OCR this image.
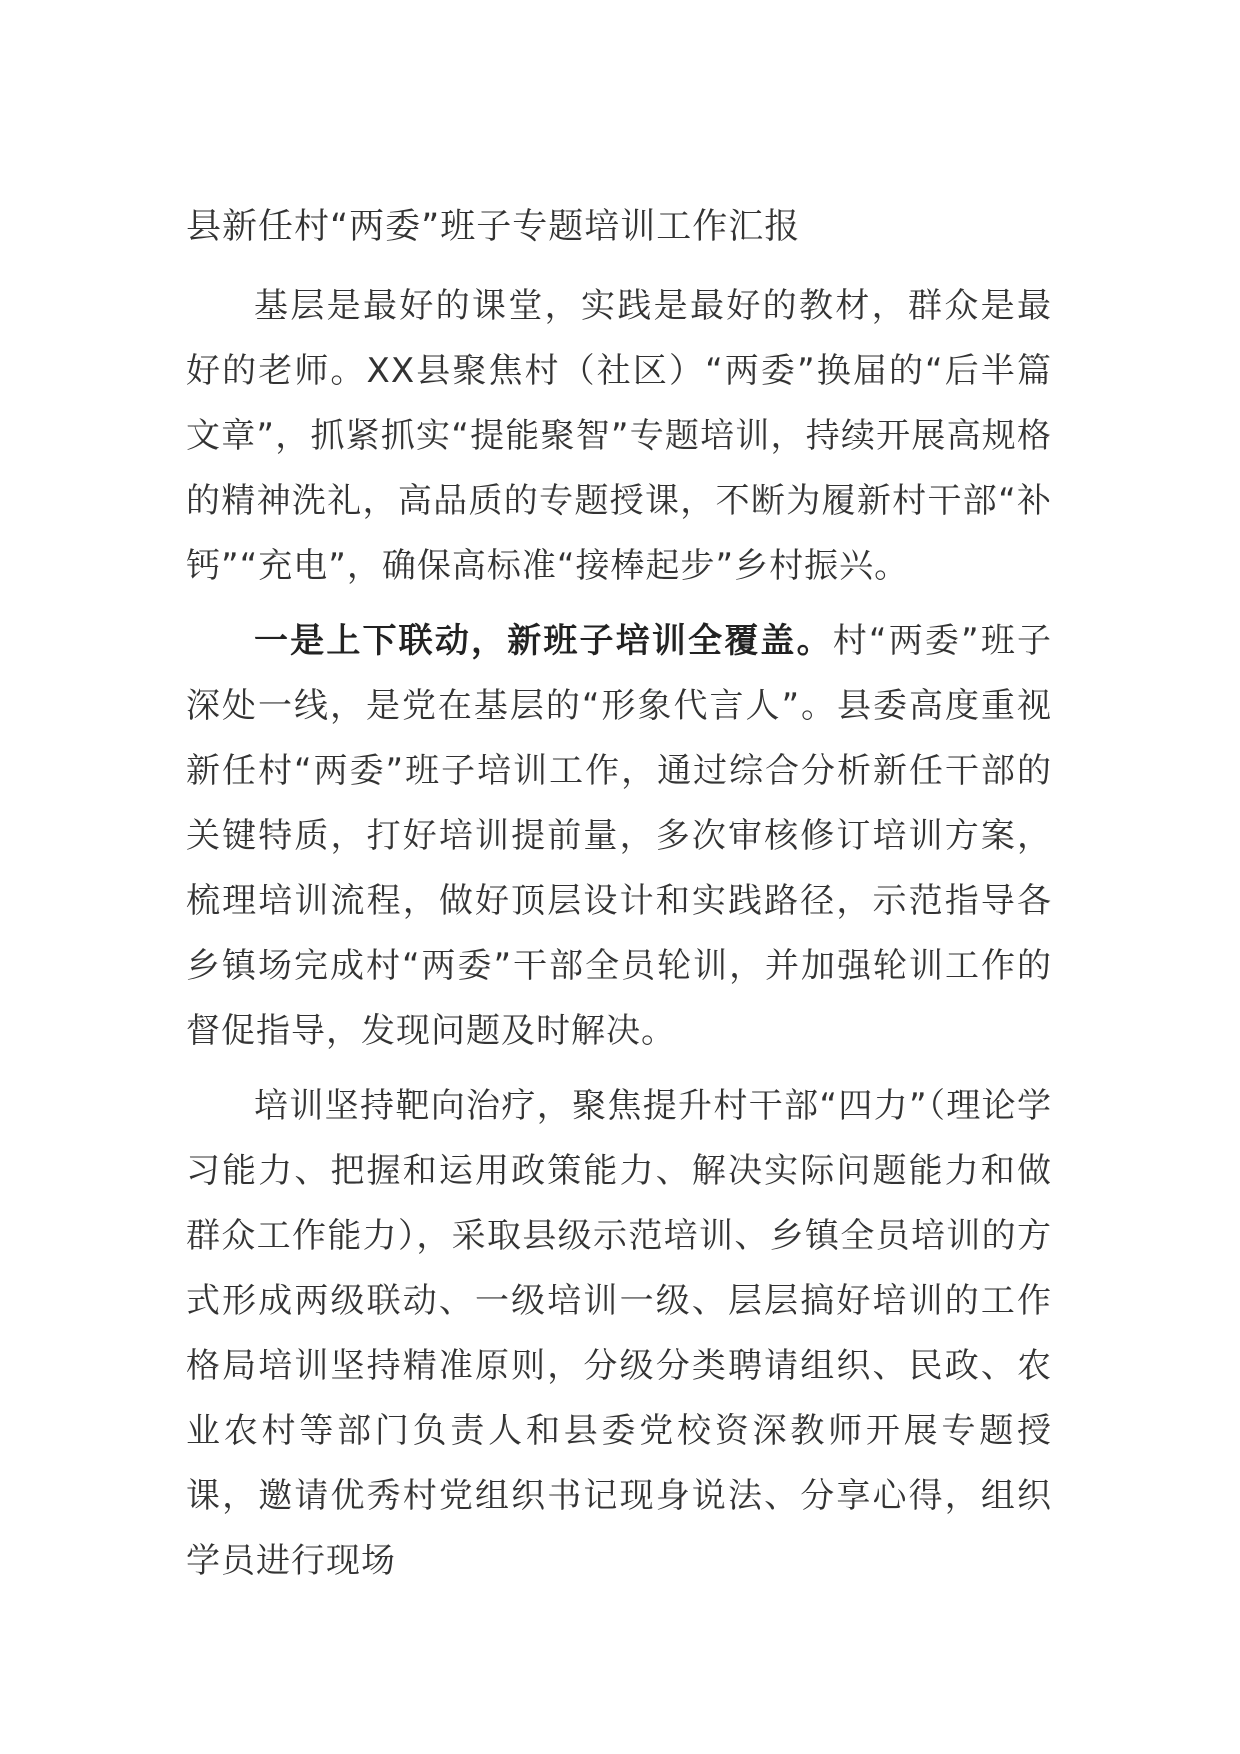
县新任村“两委”班子专题培训工作汇报

基层是最好的课堂，实践是最好的教材，群众是最好的老师。XX县聚焦村（社区）“两委”换届的“后半篇文章”，抓紧抓实“提能聚智”专题培训，持续开展高规格的精神洗礼，高品质的专题授课，不断为履新村干部“补钙”“充电”，确保高标准“接棒起步”乡村振兴。

一是上下联动，新班子培训全覆盖。村“两委”班子深处一线，是党在基层的“形象代言人”。县委高度重视新任村“两委”班子培训工作，通过综合分析新任干部的关键特质，打好培训提前量，多次审核修订培训方案，梳理培训流程，做好顶层设计和实践路径，示范指导各乡镇场完成村“两委”干部全员轮训，并加强轮训工作的督促指导，发现问题及时解决。

培训坚持靶向治疗，聚焦提升村干部“四力”（理论学习能力、把握和运用政策能力、解决实际问题能力和做群众工作能力），采取县级示范培训、乡镇全员培训的方式形成两级联动、一级培训一级、层层搞好培训的工作格局培训坚持精准原则，分级分类聘请组织、民政、农业农村等部门负责人和县委党校资深教师开展专题授课，邀请优秀村党组织书记现身说法、分享心得，组织学员进行现场
